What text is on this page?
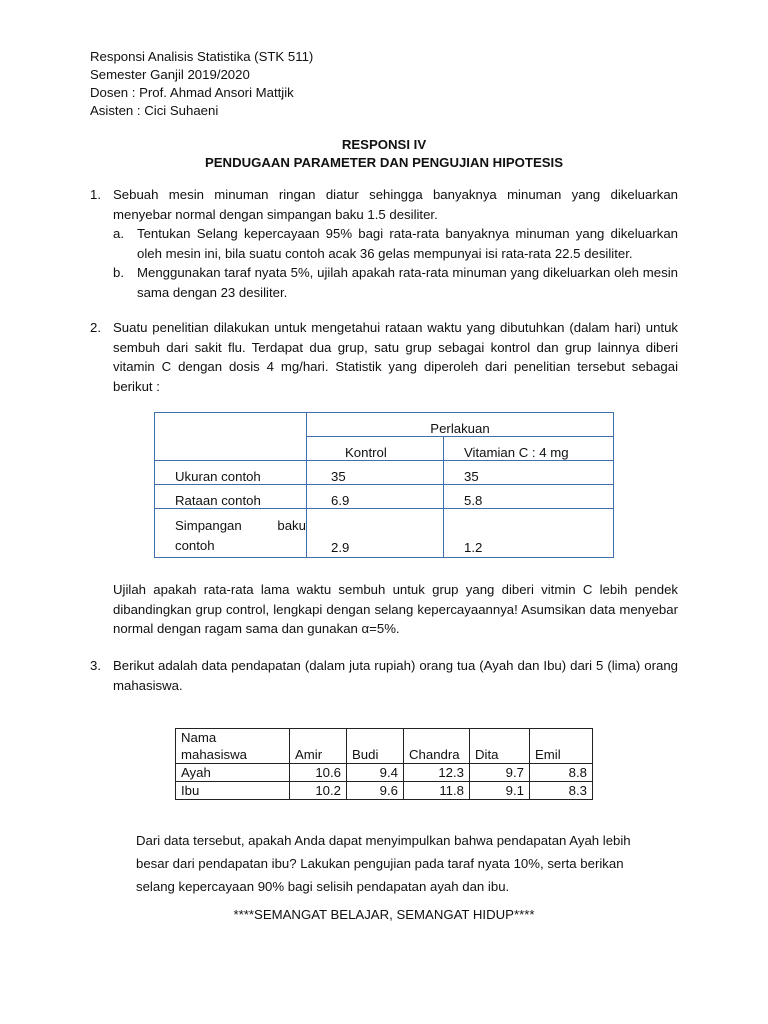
Responsi Analisis Statistika (STK 511)
Semester Ganjil 2019/2020
Dosen : Prof. Ahmad Ansori Mattjik
Asisten : Cici Suhaeni
RESPONSI IV
PENDUGAAN PARAMETER DAN PENGUJIAN HIPOTESIS
1. Sebuah mesin minuman ringan diatur sehingga banyaknya minuman yang dikeluarkan menyebar normal dengan simpangan baku 1.5 desiliter.
a. Tentukan Selang kepercayaan 95% bagi rata-rata banyaknya minuman yang dikeluarkan oleh mesin ini, bila suatu contoh acak 36 gelas mempunyai isi rata-rata 22.5 desiliter.
b. Menggunakan taraf nyata 5%, ujilah apakah rata-rata minuman yang dikeluarkan oleh mesin sama dengan 23 desiliter.
2. Suatu penelitian dilakukan untuk mengetahui rataan waktu yang dibutuhkan (dalam hari) untuk sembuh dari sakit flu. Terdapat dua grup, satu grup sebagai kontrol dan grup lainnya diberi vitamin C dengan dosis 4 mg/hari. Statistik yang diperoleh dari penelitian tersebut sebagai berikut :
	Perlakuan	
	Kontrol	Vitamian C : 4 mg
Ukuran contoh	35	35
Rataan contoh	6.9	5.8

Simpangan baku
contoh	2.9	1.2
Ujilah apakah rata-rata lama waktu sembuh untuk grup yang diberi vitmin C lebih pendek dibandingkan grup control, lengkapi dengan selang kepercayaannya! Asumsikan data menyebar normal dengan ragam sama dan gunakan α=5%.
3. Berikut adalah data pendapatan (dalam juta rupiah) orang tua (Ayah dan Ibu) dari 5 (lima) orang mahasiswa.
Nama
mahasiswa	Amir	Budi	Chandra	Dita	Emil
Ayah	10.6	9.4	12.3	9.7	8.8
Ibu	10.2	9.6	11.8	9.1	8.3
Dari data tersebut, apakah Anda dapat menyimpulkan bahwa pendapatan Ayah lebih
besar dari pendapatan ibu? Lakukan pengujian pada taraf nyata 10%, serta berikan
selang kepercayaan 90% bagi selisih pendapatan ayah dan ibu.
****SEMANGAT BELAJAR, SEMANGAT HIDUP****
